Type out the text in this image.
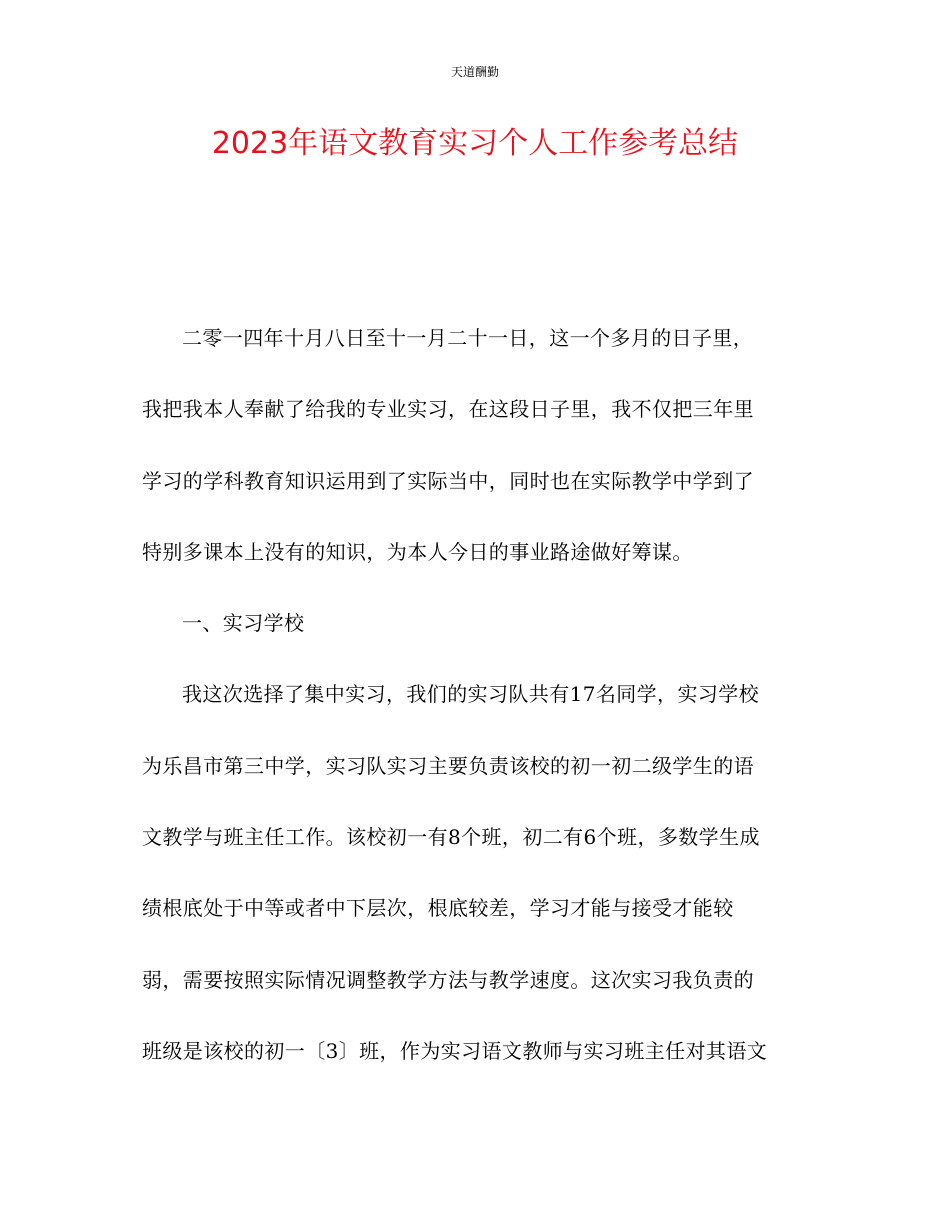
天道酬勤
2023年语文教育实习个人工作参考总结
二零一四年十月八日至十一月二十一日，这一个多月的日子里，
我把我本人奉献了给我的专业实习，在这段日子里，我不仅把三年里
学习的学科教育知识运用到了实际当中，同时也在实际教学中学到了
特别多课本上没有的知识，为本人今日的事业路途做好筹谋。
一、实习学校
我这次选择了集中实习，我们的实习队共有17名同学，实习学校
为乐昌市第三中学，实习队实习主要负责该校的初一初二级学生的语
文教学与班主任工作。该校初一有8个班，初二有6个班，多数学生成
绩根底处于中等或者中下层次，根底较差，学习才能与接受才能较
弱，需要按照实际情况调整教学方法与教学速度。这次实习我负责的
班级是该校的初一〔3〕班，作为实习语文教师与实习班主任对其语文
